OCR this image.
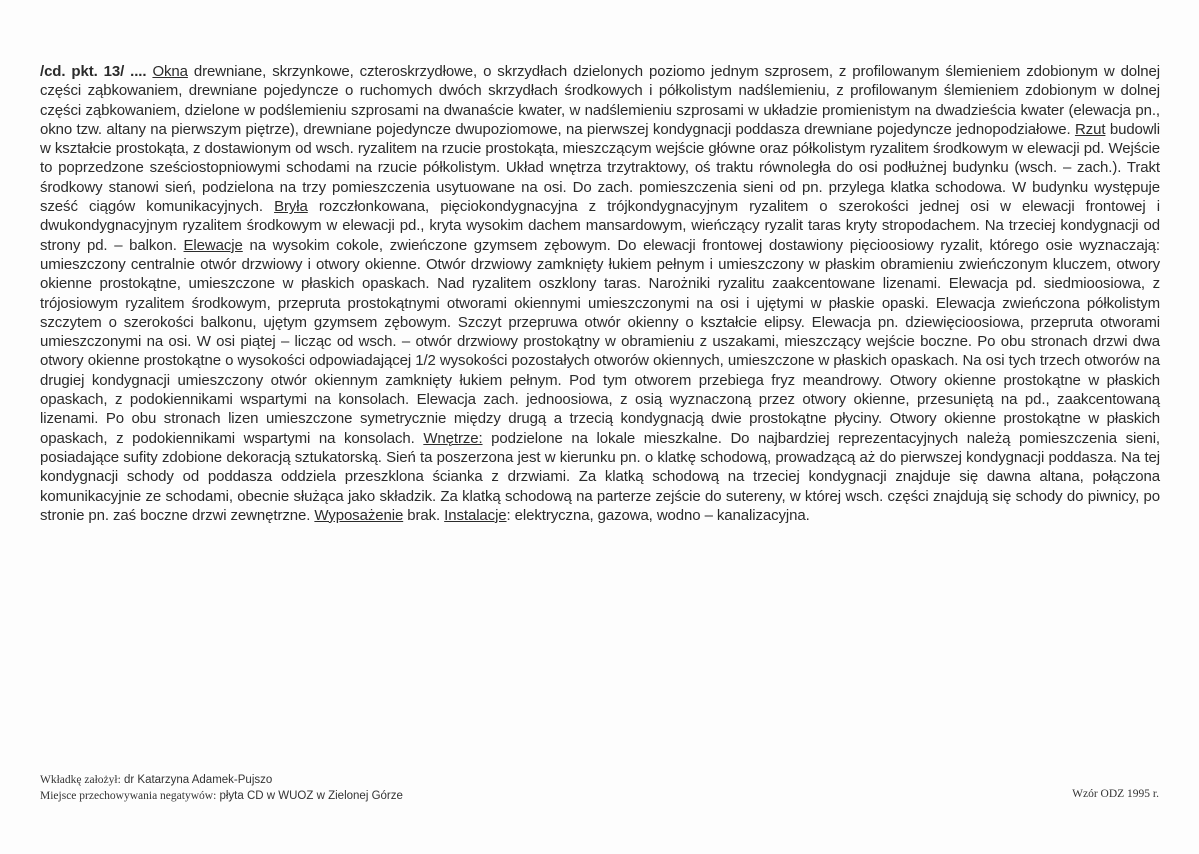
/cd. pkt. 13/ .... Okna drewniane, skrzynkowe, czteroskrzydłowe, o skrzydłach dzielonych poziomo jednym szprosem, z profilowanym ślemieniem zdobionym w dolnej części ząbkowaniem, drewniane pojedyncze o ruchomych dwóch skrzydłach środkowych i półkolistym nadślemieniu, z profilowanym ślemieniem zdobionym w dolnej części ząbkowaniem, dzielone w podślemieniu szprosami na dwanaście kwater, w nadślemieniu szprosami w układzie promienistym na dwadzieścia kwater (elewacja pn., okno tzw. altany na pierwszym piętrze), drewniane pojedyncze dwupoziomowe, na pierwszej kondygnacji poddasza drewniane pojedyncze jednopodziałowe. Rzut budowli w kształcie prostokąta, z dostawionym od wsch. ryzalitem na rzucie prostokąta, mieszczącym wejście główne oraz półkolistym ryzalitem środkowym w elewacji pd. Wejście to poprzedzone sześciostopniowymi schodami na rzucie półkolistym. Układ wnętrza trzytraktowy, oś traktu równoległa do osi podłużnej budynku (wsch. – zach.). Trakt środkowy stanowi sień, podzielona na trzy pomieszczenia usytuowane na osi. Do zach. pomieszczenia sieni od pn. przylega klatka schodowa. W budynku występuje sześć ciągów komunikacyjnych. Bryła rozczłonkowana, pięciokondygnacyjna z trójkondygnacyjnym ryzalitem o szerokości jednej osi w elewacji frontowej i dwukondygnacyjnym ryzalitem środkowym w elewacji pd., kryta wysokim dachem mansardowym, wieńczący ryzalit taras kryty stropodachem. Na trzeciej kondygnacji od strony pd. – balkon. Elewacje na wysokim cokole, zwieńczone gzymsem zębowym. Do elewacji frontowej dostawiony pięcioosiowy ryzalit, którego osie wyznaczają: umieszczony centralnie otwór drzwiowy i otwory okienne. Otwór drzwiowy zamknięty łukiem pełnym i umieszczony w płaskim obramieniu zwieńczonym kluczem, otwory okienne prostokątne, umieszczone w płaskich opaskach. Nad ryzalitem oszklony taras. Narożniki ryzalitu zaakcentowane lizenami. Elewacja pd. siedmioosiowa, z trójosiowym ryzalitem środkowym, przepruta prostokątnymi otworami okiennymi umieszczonymi na osi i ujętymi w płaskie opaski. Elewacja zwieńczona półkolistym szczytem o szerokości balkonu, ujętym gzymsem zębowym. Szczyt przepruwa otwór okienny o kształcie elipsy. Elewacja pn. dziewięcioosiowa, przepruta otworami umieszczonymi na osi. W osi piątej – licząc od wsch. – otwór drzwiowy prostokątny w obramieniu z uszakami, mieszczący wejście boczne. Po obu stronach drzwi dwa otwory okienne prostokątne o wysokości odpowiadającej 1/2 wysokości pozostałych otworów okiennych, umieszczone w płaskich opaskach. Na osi tych trzech otworów na drugiej kondygnacji umieszczony otwór okiennym zamknięty łukiem pełnym. Pod tym otworem przebiega fryz meandrowy. Otwory okienne prostokątne w płaskich opaskach, z podokiennikami wspartymi na konsolach. Elewacja zach. jednoosiowa, z osią wyznaczoną przez otwory okienne, przesuniętą na pd., zaakcentowaną lizenami. Po obu stronach lizen umieszczone symetrycznie między drugą a trzecią kondygnacją dwie prostokątne płyciny. Otwory okienne prostokątne w płaskich opaskach, z podokiennikami wspartymi na konsolach. Wnętrze: podzielone na lokale mieszkalne. Do najbardziej reprezentacyjnych należą pomieszczenia sieni, posiadające sufity zdobione dekoracją sztukatorską. Sień ta poszerzona jest w kierunku pn. o klatkę schodową, prowadzącą aż do pierwszej kondygnacji poddasza. Na tej kondygnacji schody od poddasza oddziela przeszklona ścianka z drzwiami. Za klatką schodową na trzeciej kondygnacji znajduje się dawna altana, połączona komunikacyjnie ze schodami, obecnie służąca jako składzik. Za klatką schodową na parterze zejście do sutereny, w której wsch. części znajdują się schody do piwnicy, po stronie pn. zaś boczne drzwi zewnętrzne. Wyposażenie brak. Instalacje: elektryczna, gazowa, wodno – kanalizacyjna.

Wkładkę założył: dr Katarzyna Adamek-Pujszo
Miejsce przechowywania negatywów: płyta CD w WUOZ w Zielonej Górze	Wzór ODZ 1995 r.
